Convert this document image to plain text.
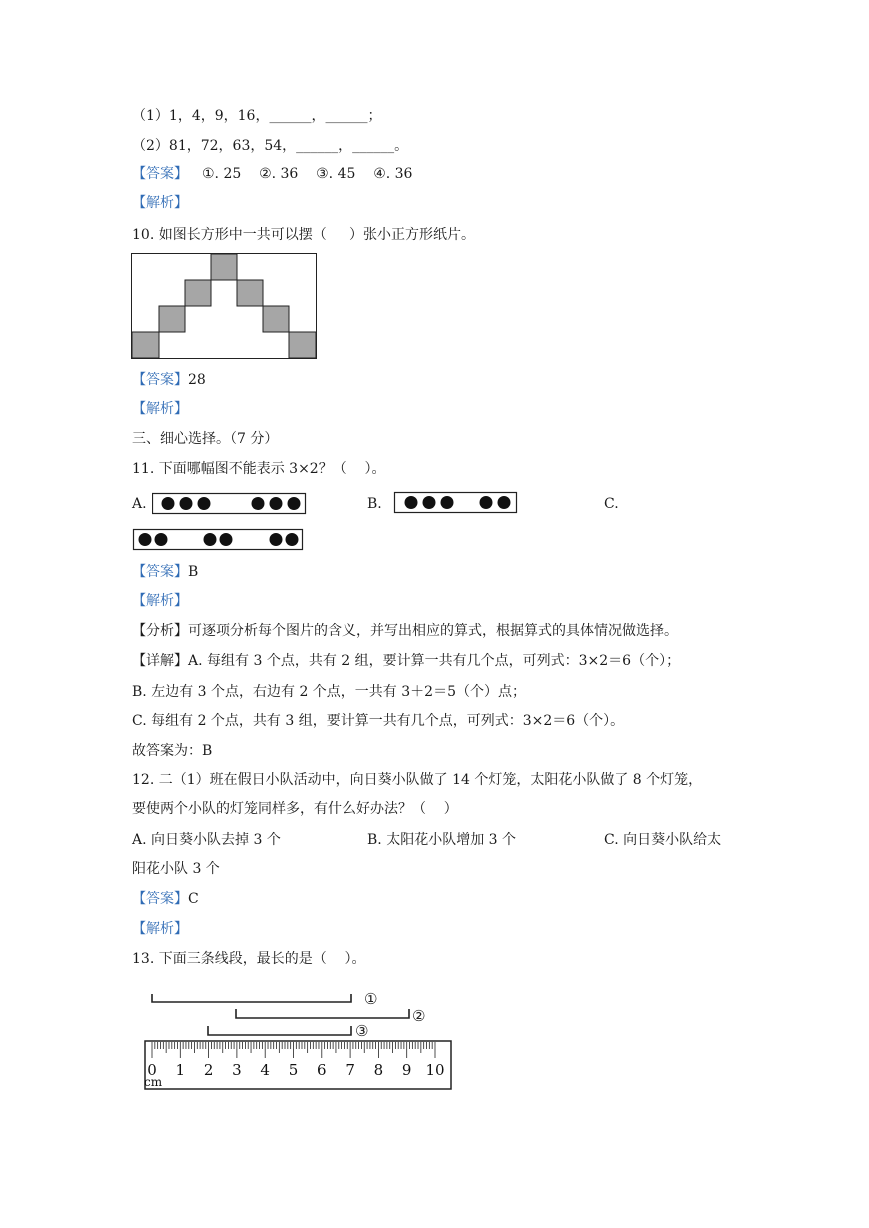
（1）1，4，9，16，______，______；
（2）81，72，63，54，______，______。
【答案】 ①. 25    ②. 36    ③. 45    ④. 36
【解析】
10. 如图长方形中一共可以摆（     ）张小正方形纸片。
【答案】28
【解析】
三、细心选择。（7 分）
11. 下面哪幅图不能表示 3×2？（    ）。
A.	B.	C.
【答案】B
【解析】
【分析】可逐项分析每个图片的含义，并写出相应的算式，根据算式的具体情况做选择。
【详解】A. 每组有 3 个点，共有 2 组，要计算一共有几个点，可列式：3×2＝6（个）；
B. 左边有 3 个点，右边有 2 个点，一共有 3＋2＝5（个）点；
C. 每组有 2 个点，共有 3 组，要计算一共有几个点，可列式：3×2＝6（个）。
故答案为：B
12. 二（1）班在假日小队活动中，向日葵小队做了 14 个灯笼，太阳花小队做了 8 个灯笼，
要使两个小队的灯笼同样多，有什么好办法？（    ）
A. 向日葵小队去掉 3 个	B. 太阳花小队增加 3 个	C. 向日葵小队给太
阳花小队 3 个
【答案】C
【解析】
13. 下面三条线段，最长的是（    ）。
①
②
③
0 1 2 3 4 5 6 7 8 9 10
cm
